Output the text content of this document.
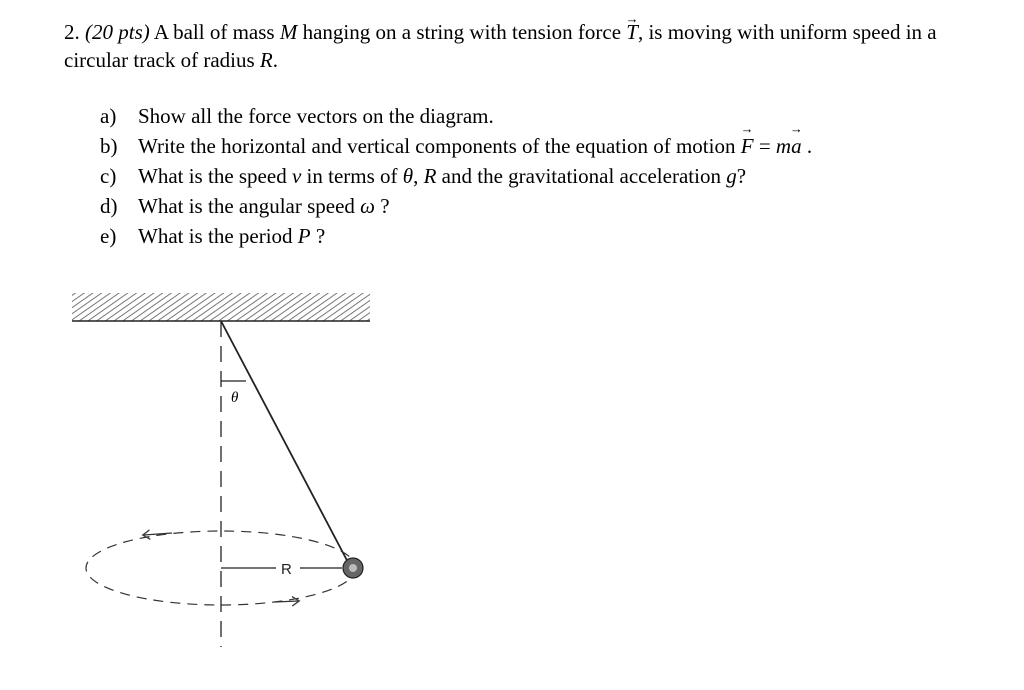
2. (20 pts) A ball of mass M hanging on a string with tension force → T, is moving with uniform speed in a circular track of radius R.

a) Show all the force vectors on the diagram.
b) Write the horizontal and vertical components of the equation of motion → F = m→ a .
c) What is the speed v in terms of θ, R and the gravitational acceleration g?
d) What is the angular speed ω ?
e) What is the period P ?
θ
R
